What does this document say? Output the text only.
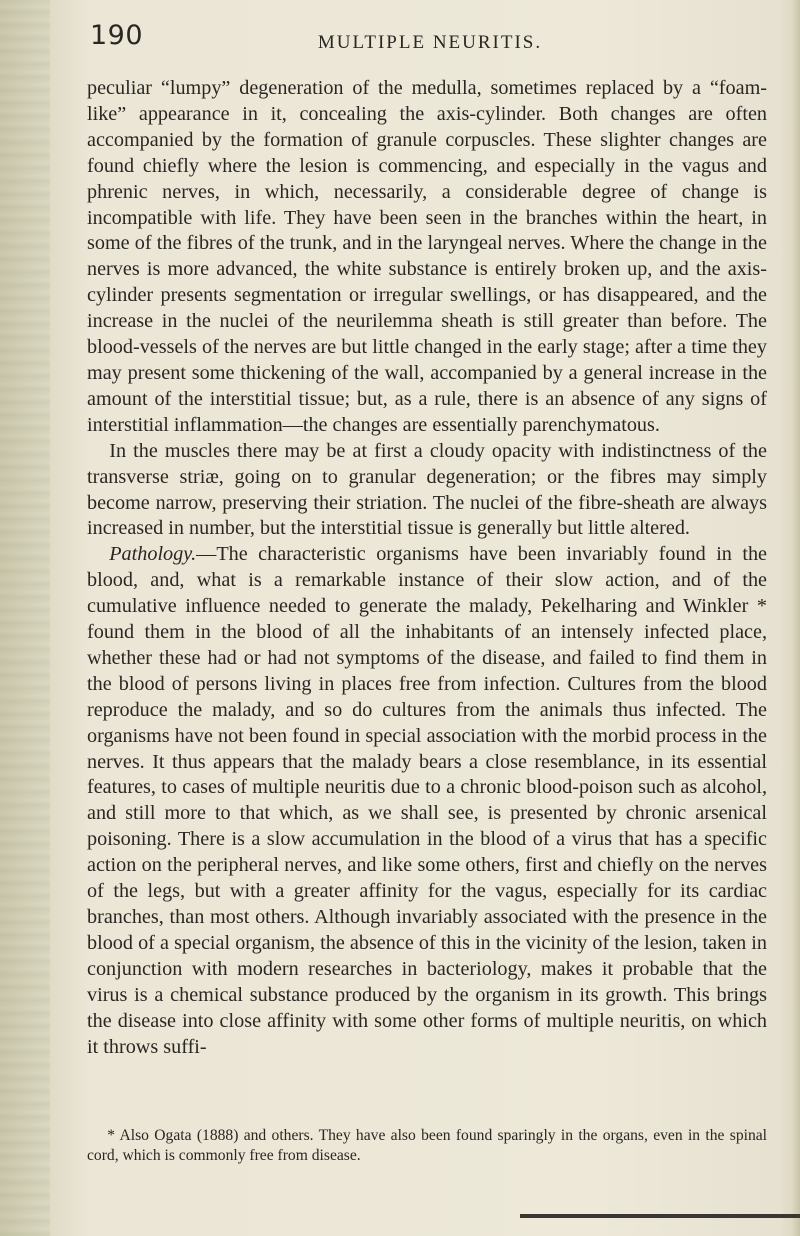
190	MULTIPLE NEURITIS.

peculiar “lumpy” degeneration of the medulla, sometimes replaced by a “foam-like” appearance in it, concealing the axis-cylinder. Both changes are often accompanied by the formation of granule corpuscles. These slighter changes are found chiefly where the lesion is commencing, and especially in the vagus and phrenic nerves, in which, necessarily, a considerable degree of change is incompatible with life. They have been seen in the branches within the heart, in some of the fibres of the trunk, and in the laryngeal nerves. Where the change in the nerves is more advanced, the white substance is entirely broken up, and the axis-cylinder presents segmentation or irregular swellings, or has disappeared, and the increase in the nuclei of the neurilemma sheath is still greater than before. The blood-vessels of the nerves are but little changed in the early stage; after a time they may present some thickening of the wall, accompanied by a general increase in the amount of the interstitial tissue; but, as a rule, there is an absence of any signs of interstitial inflammation—the changes are essentially parenchymatous.

In the muscles there may be at first a cloudy opacity with indistinctness of the transverse striæ, going on to granular degeneration; or the fibres may simply become narrow, preserving their striation. The nuclei of the fibre-sheath are always increased in number, but the interstitial tissue is generally but little altered.

Pathology.—The characteristic organisms have been invariably found in the blood, and, what is a remarkable instance of their slow action, and of the cumulative influence needed to generate the malady, Pekelharing and Winkler * found them in the blood of all the inhabitants of an intensely infected place, whether these had or had not symptoms of the disease, and failed to find them in the blood of persons living in places free from infection. Cultures from the blood reproduce the malady, and so do cultures from the animals thus infected. The organisms have not been found in special association with the morbid process in the nerves. It thus appears that the malady bears a close resemblance, in its essential features, to cases of multiple neuritis due to a chronic blood-poison such as alcohol, and still more to that which, as we shall see, is presented by chronic arsenical poisoning. There is a slow accumulation in the blood of a virus that has a specific action on the peripheral nerves, and like some others, first and chiefly on the nerves of the legs, but with a greater affinity for the vagus, especially for its cardiac branches, than most others. Although invariably associated with the presence in the blood of a special organism, the absence of this in the vicinity of the lesion, taken in conjunction with modern researches in bacteriology, makes it probable that the virus is a chemical substance produced by the organism in its growth. This brings the disease into close affinity with some other forms of multiple neuritis, on which it throws suffi-

* Also Ogata (1888) and others. They have also been found sparingly in the organs, even in the spinal cord, which is commonly free from disease.
